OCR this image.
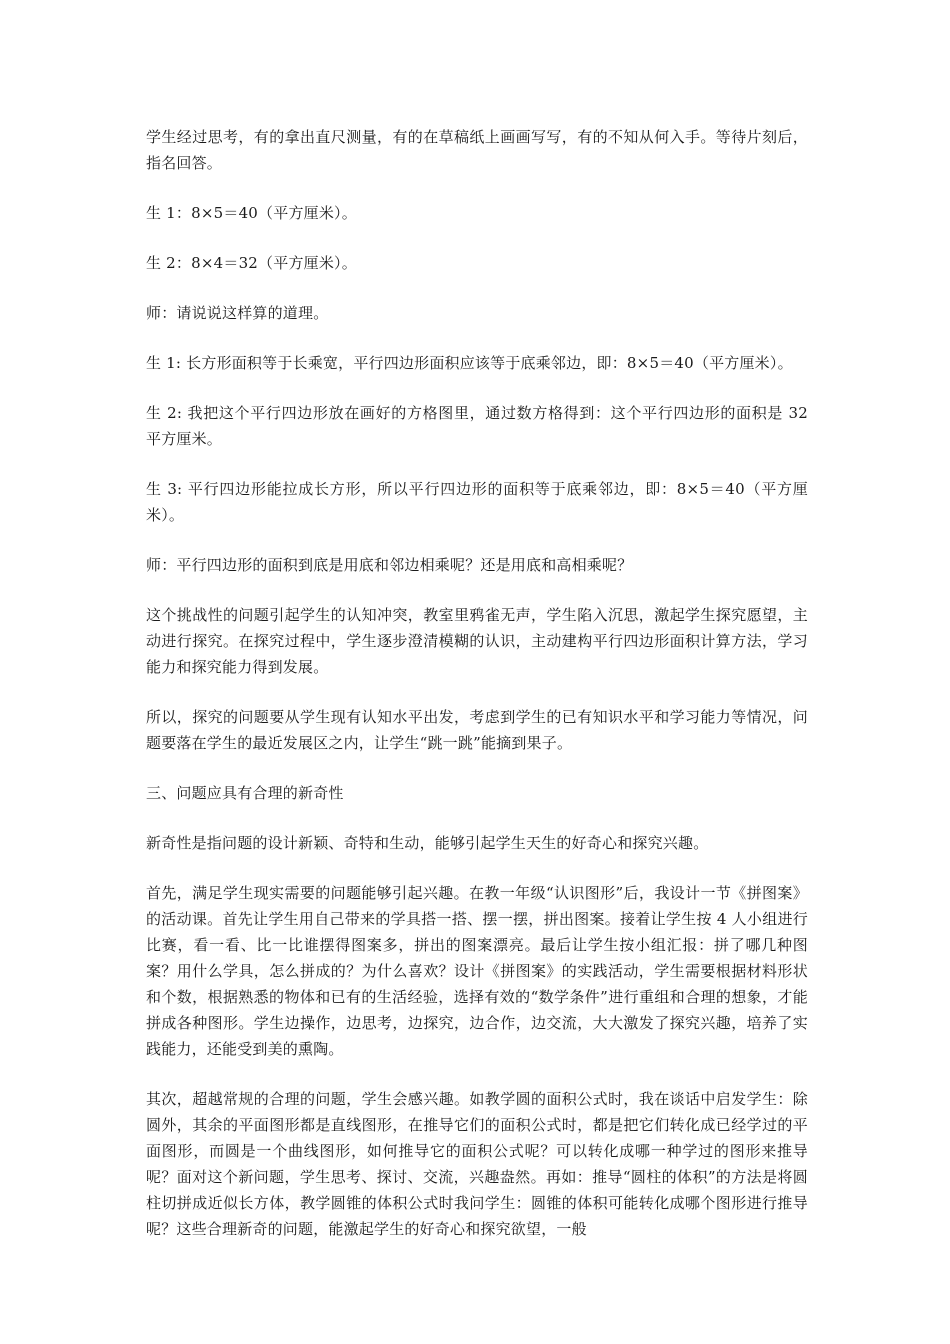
学生经过思考，有的拿出直尺测量，有的在草稿纸上画画写写，有的不知从何入手。等待片刻后，指名回答。

生 1：8×5＝40（平方厘米）。

生 2：8×4＝32（平方厘米）。

师：请说说这样算的道理。

生 1: 长方形面积等于长乘宽，平行四边形面积应该等于底乘邻边，即：8×5＝40（平方厘米）。

生 2: 我把这个平行四边形放在画好的方格图里，通过数方格得到：这个平行四边形的面积是 32 平方厘米。

生 3: 平行四边形能拉成长方形，所以平行四边形的面积等于底乘邻边，即：8×5＝40（平方厘米）。

师：平行四边形的面积到底是用底和邻边相乘呢？还是用底和高相乘呢？

这个挑战性的问题引起学生的认知冲突，教室里鸦雀无声，学生陷入沉思，激起学生探究愿望，主动进行探究。在探究过程中，学生逐步澄清模糊的认识，主动建构平行四边形面积计算方法，学习能力和探究能力得到发展。

所以，探究的问题要从学生现有认知水平出发，考虑到学生的已有知识水平和学习能力等情况，问题要落在学生的最近发展区之内，让学生“跳一跳”能摘到果子。

三、问题应具有合理的新奇性

新奇性是指问题的设计新颖、奇特和生动，能够引起学生天生的好奇心和探究兴趣。

首先，满足学生现实需要的问题能够引起兴趣。在教一年级“认识图形”后，我设计一节《拼图案》的活动课。首先让学生用自己带来的学具搭一搭、摆一摆，拼出图案。接着让学生按 4 人小组进行比赛，看一看、比一比谁摆得图案多，拼出的图案漂亮。最后让学生按小组汇报：拼了哪几种图案？用什么学具，怎么拼成的？为什么喜欢？设计《拼图案》的实践活动，学生需要根据材料形状和个数，根据熟悉的物体和已有的生活经验，选择有效的“数学条件”进行重组和合理的想象，才能拼成各种图形。学生边操作，边思考，边探究，边合作，边交流，大大激发了探究兴趣，培养了实践能力，还能受到美的熏陶。

其次，超越常规的合理的问题，学生会感兴趣。如教学圆的面积公式时，我在谈话中启发学生：除圆外，其余的平面图形都是直线图形，在推导它们的面积公式时，都是把它们转化成已经学过的平面图形，而圆是一个曲线图形，如何推导它的面积公式呢？可以转化成哪一种学过的图形来推导呢？面对这个新问题，学生思考、探讨、交流，兴趣盎然。再如：推导“圆柱的体积”的方法是将圆柱切拼成近似长方体，教学圆锥的体积公式时我问学生：圆锥的体积可能转化成哪个图形进行推导呢？这些合理新奇的问题，能激起学生的好奇心和探究欲望，一般
